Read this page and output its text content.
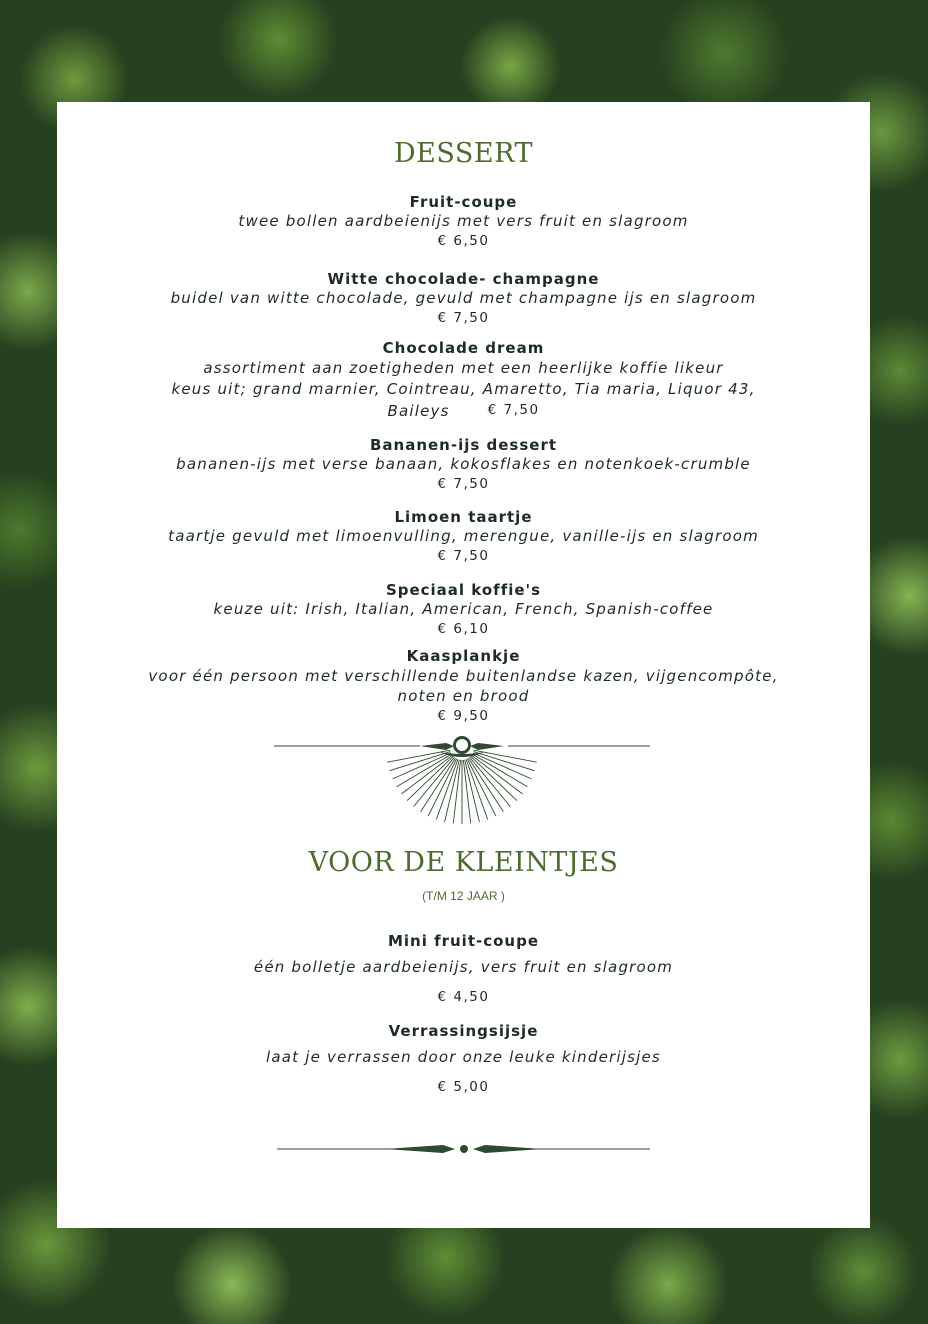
DESSERT
Fruit-coupe
twee bollen aardbeienijs met vers fruit en slagroom
€ 6,50
Witte chocolade- champagne
buidel van witte chocolade, gevuld met champagne ijs en slagroom
€ 7,50
Chocolade dream
assortiment aan zoetigheden met een heerlijke koffie likeur
keus uit; grand marnier, Cointreau, Amaretto, Tia maria, Liquor 43,
Baileys	€ 7,50
Bananen-ijs dessert
bananen-ijs met verse banaan, kokosflakes en notenkoek-crumble
€ 7,50
Limoen taartje
taartje gevuld met limoenvulling, merengue, vanille-ijs en slagroom
€ 7,50
Speciaal koffie's
keuze uit: Irish, Italian, American, French, Spanish-coffee
€ 6,10
Kaasplankje
voor één persoon met verschillende buitenlandse kazen, vijgencompôte,
noten en brood
€ 9,50
VOOR DE KLEINTJES
(T/M 12 JAAR )
Mini fruit-coupe
één bolletje aardbeienijs, vers fruit en slagroom
€ 4,50
Verrassingsijsje
laat je verrassen door onze leuke kinderijsjes
€ 5,00
